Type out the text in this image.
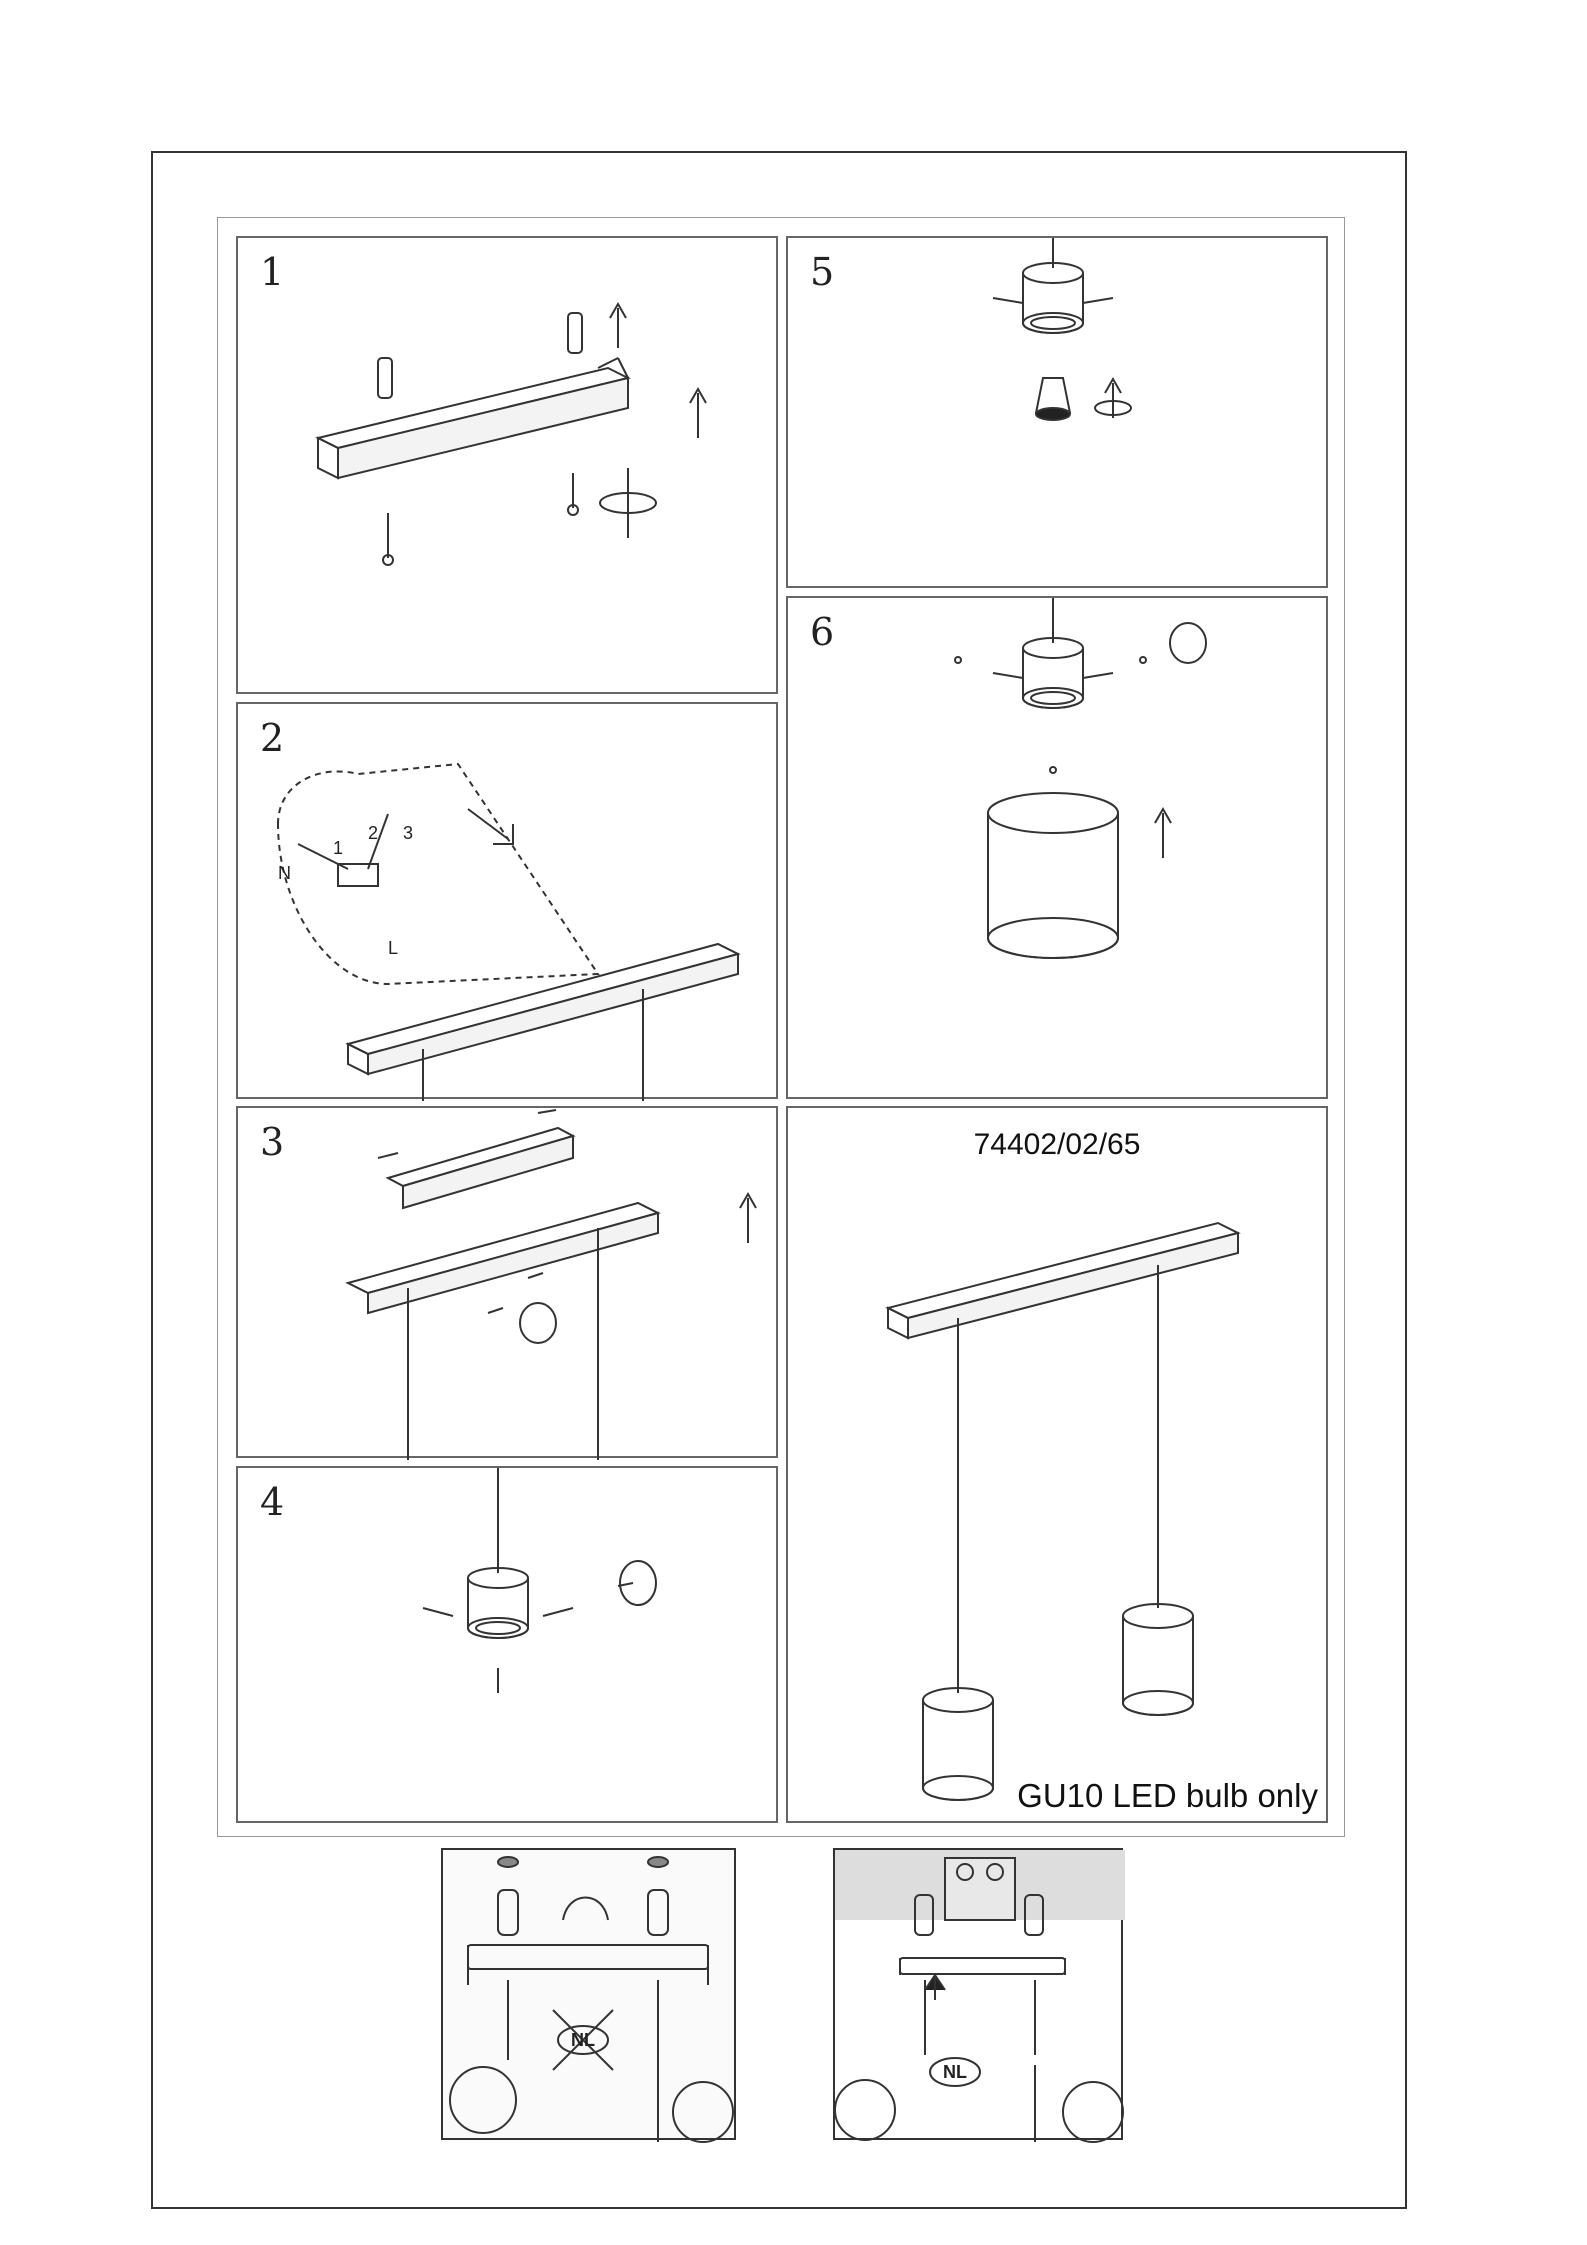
1
2
N
L
1
2 3
3
4
5
6
74402/02/65
GU10 LED bulb only
NL
NL
